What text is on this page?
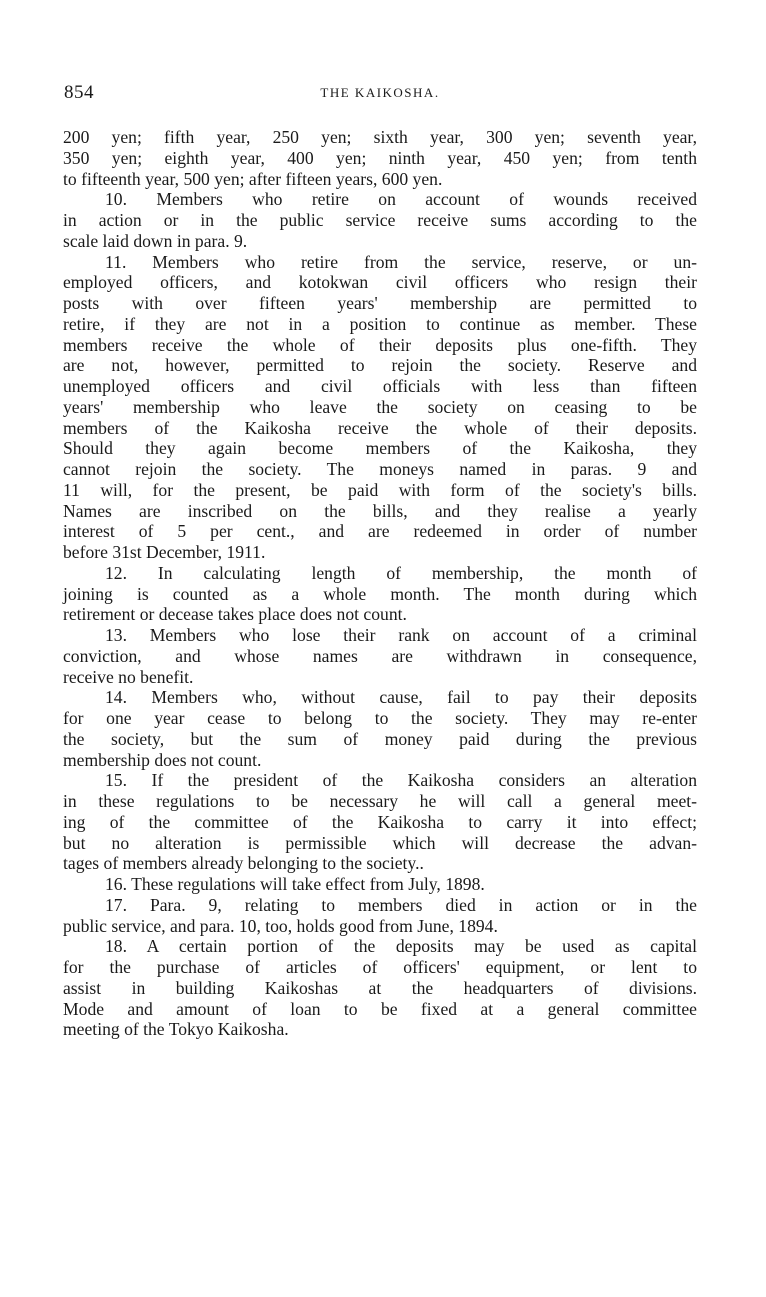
854	THE KAIKOSHA.
200 yen; fifth year, 250 yen; sixth year, 300 yen; seventh year,
350 yen; eighth year, 400 yen; ninth year, 450 yen; from tenth
to fifteenth year, 500 yen; after fifteen years, 600 yen.
10. Members who retire on account of wounds received
in action or in the public service receive sums according to the
scale laid down in para. 9.
11. Members who retire from the service, reserve, or un-
employed officers, and kotokwan civil officers who resign their
posts with over fifteen years' membership are permitted to
retire, if they are not in a position to continue as member. These
members receive the whole of their deposits plus one-fifth. They
are not, however, permitted to rejoin the society. Reserve and
unemployed officers and civil officials with less than fifteen
years' membership who leave the society on ceasing to be
members of the Kaikosha receive the whole of their deposits.
Should they again become members of the Kaikosha, they
cannot rejoin the society. The moneys named in paras. 9 and
11 will, for the present, be paid with form of the society's bills.
Names are inscribed on the bills, and they realise a yearly
interest of 5 per cent., and are redeemed in order of number
before 31st December, 1911.
12. In calculating length of membership, the month of
joining is counted as a whole month. The month during which
retirement or decease takes place does not count.
13. Members who lose their rank on account of a criminal
conviction, and whose names are withdrawn in consequence,
receive no benefit.
14. Members who, without cause, fail to pay their deposits
for one year cease to belong to the society. They may re-enter
the society, but the sum of money paid during the previous
membership does not count.
15. If the president of the Kaikosha considers an alteration
in these regulations to be necessary he will call a general meet-
ing of the committee of the Kaikosha to carry it into effect;
but no alteration is permissible which will decrease the advan-
tages of members already belonging to the society..
16. These regulations will take effect from July, 1898.
17. Para. 9, relating to members died in action or in the
public service, and para. 10, too, holds good from June, 1894.
18. A certain portion of the deposits may be used as capital
for the purchase of articles of officers' equipment, or lent to
assist in building Kaikoshas at the headquarters of divisions.
Mode and amount of loan to be fixed at a general committee
meeting of the Tokyo Kaikosha.
